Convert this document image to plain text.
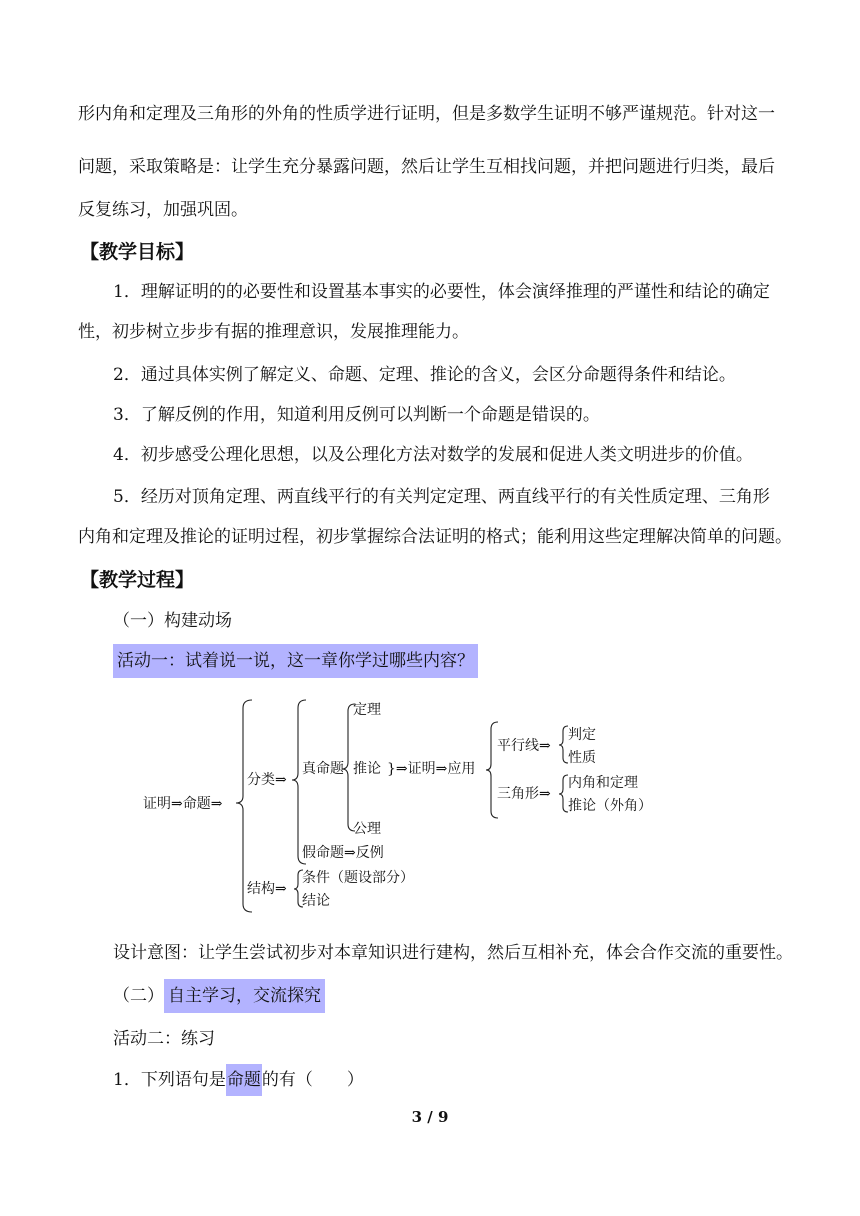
形内角和定理及三角形的外角的性质学进行证明，但是多数学生证明不够严谨规范。针对这一
问题，采取策略是：让学生充分暴露问题，然后让学生互相找问题，并把问题进行归类，最后
反复练习，加强巩固。
【教学目标】
1．理解证明的的必要性和设置基本事实的必要性，体会演绎推理的严谨性和结论的确定
性，初步树立步步有据的推理意识，发展推理能力。
2．通过具体实例了解定义、命题、定理、推论的含义，会区分命题得条件和结论。
3．了解反例的作用，知道利用反例可以判断一个命题是错误的。
4．初步感受公理化思想，以及公理化方法对数学的发展和促进人类文明进步的价值。
5．经历对顶角定理、两直线平行的有关判定定理、两直线平行的有关性质定理、三角形
内角和定理及推论的证明过程，初步掌握综合法证明的格式；能利用这些定理解决简单的问题。
【教学过程】
（一）构建动场
活动一：试着说一说，这一章你学过哪些内容？
证明⇒命题⇒
分类⇒
真命题
定理
推论 }⇒证明⇒应用
公理
假命题⇒反例
平行线⇒
判定
性质
三角形⇒
内角和定理
推论（外角）
结构⇒
条件（题设部分）
结论
设计意图：让学生尝试初步对本章知识进行建构，然后互相补充，体会合作交流的重要性。
（二） 自主学习，交流探究
活动二：练习
1．下列语句是命题的有（　　）
3 / 9
